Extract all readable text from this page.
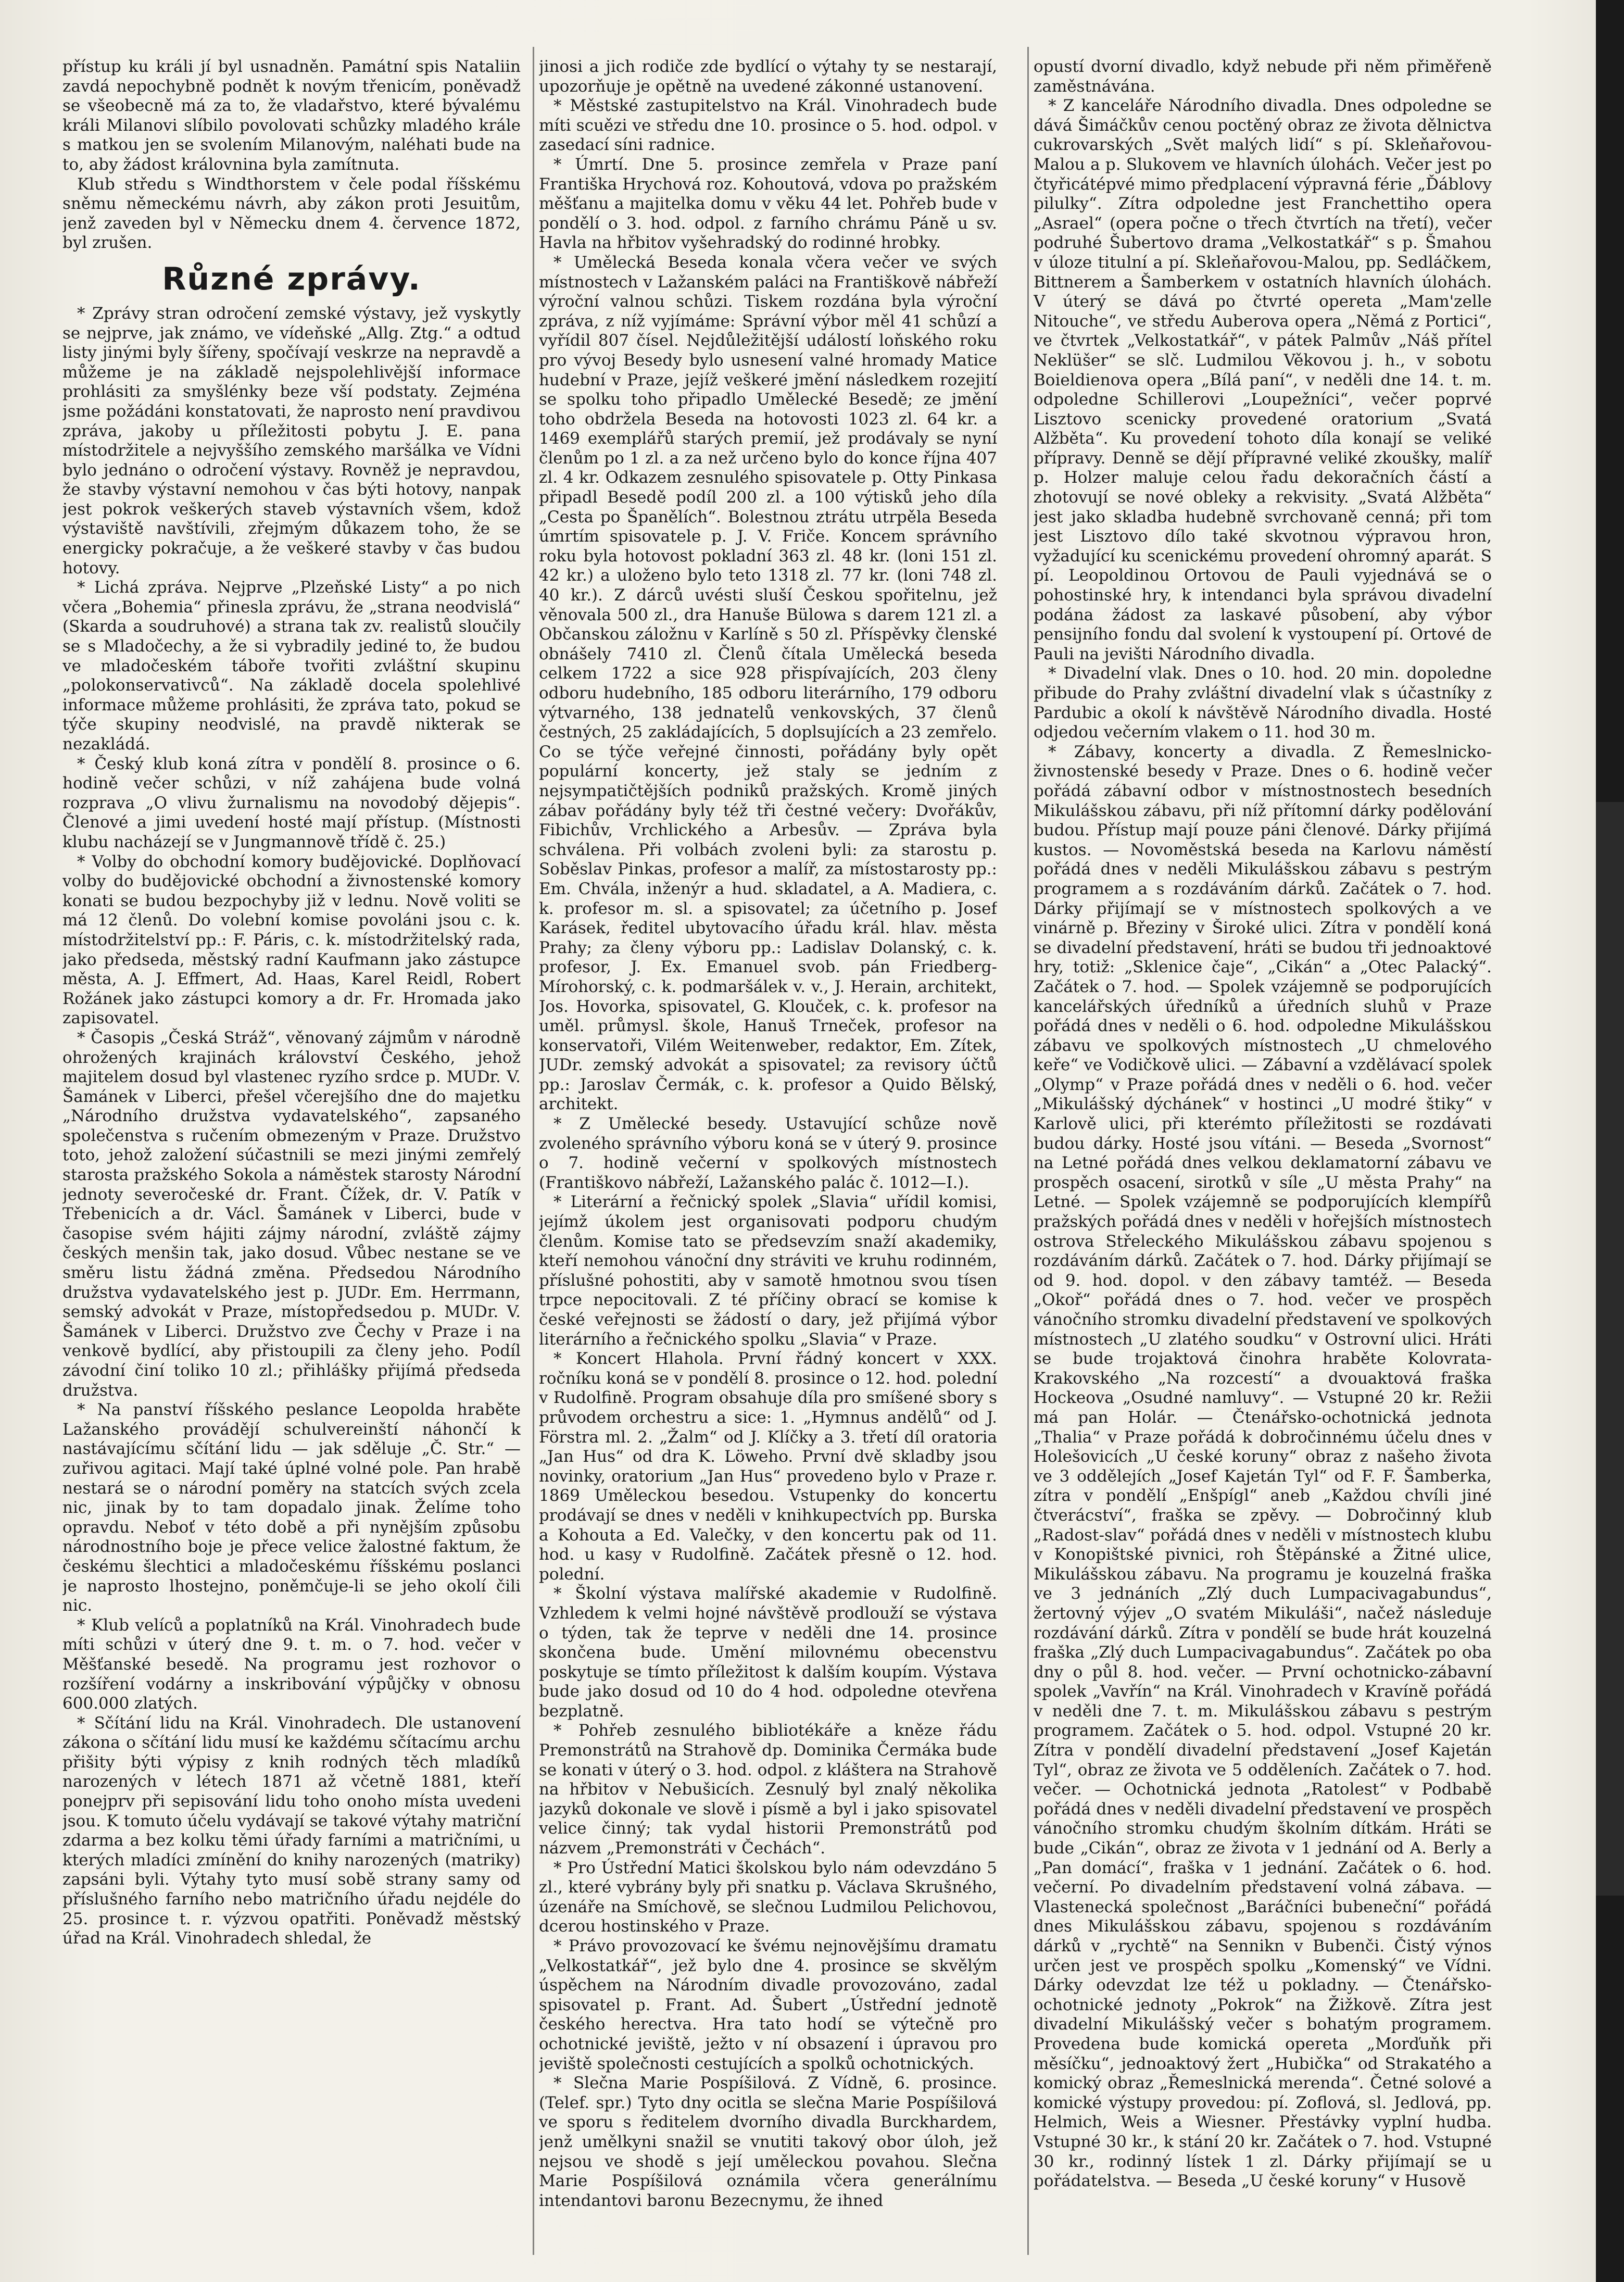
přístup ku králi jí byl usnadněn. Památní spis Nataliin zavdá nepochybně podnět k novým třenicím, poněvadž se všeobecně má za to, že vladařstvo, které bývalému králi Milanovi slíbilo povolovati schůzky mladého krále s matkou jen se svolením Milanovým, naléhati bude na to, aby žádost královnina byla zamítnuta.

Klub středu s Windthorstem v čele podal říšskému sněmu německému návrh, aby zákon proti Jesuitům, jenž zaveden byl v Německu dnem 4. července 1872, byl zrušen.

Různé zprávy.

* Zprávy stran odročení zemské výstavy, jež vyskytly se nejprve, jak známo, ve vídeňské „Allg. Ztg.“ a odtud listy jinými byly šířeny, spočívají veskrze na nepravdě a můžeme je na základě nejspolehlivější informace prohlásiti za smyšlénky beze vší podstaty. Zejména jsme požádáni konstatovati, že naprosto není pravdivou zpráva, jakoby u příležitosti pobytu J. E. pana místodržitele a nejvyššího zemského maršálka ve Vídni bylo jednáno o odročení výstavy. Rovněž je nepravdou, že stavby výstavní nemohou v čas býti hotovy, nanpak jest pokrok veškerých staveb výstavních všem, kdož výstaviště navštívili, zřejmým důkazem toho, že se energicky pokračuje, a že veškeré stavby v čas budou hotovy.

* Lichá zpráva. Nejprve „Plzeňské Listy“ a po nich včera „Bohemia“ přinesla zprávu, že „strana neodvislá“ (Skarda a soudruhové) a strana tak zv. realistů sloučily se s Mladočechy, a že si vybradily jediné to, že budou ve mladočeském táboře tvořiti zvláštní skupinu „polokonservativců“. Na základě docela spolehlivé informace můžeme prohlásiti, že zpráva tato, pokud se týče skupiny neodvislé, na pravdě nikterak se nezakládá.

* Český klub koná zítra v pondělí 8. prosince o 6. hodině večer schůzi, v níž zahájena bude volná rozprava „O vlivu žurnalismu na novodobý dějepis“. Členové a jimi uvedení hosté mají přístup. (Místnosti klubu nacházejí se v Jungmannově třídě č. 25.)

* Volby do obchodní komory budějovické. Doplňovací volby do budějovické obchodní a živnostenské komory konati se budou bezpochyby již v lednu. Nově voliti se má 12 členů. Do volební komise povoláni jsou c. k. místodržitelství pp.: F. Páris, c. k. místodržitelský rada, jako předseda, městský radní Kaufmann jako zástupce města, A. J. Effmert, Ad. Haas, Karel Reidl, Robert Rožánek jako zástupci komory a dr. Fr. Hromada jako zapisovatel.

* Časopis „Česká Stráž“, věnovaný zájmům v národně ohrožených krajinách království Českého, jehož majitelem dosud byl vlastenec ryzího srdce p. MUDr. V. Šamánek v Liberci, přešel včerejšího dne do majetku „Národního družstva vydavatelského“, zapsaného společenstva s ručením obmezeným v Praze. Družstvo toto, jehož založení súčastnili se mezi jinými zemřelý starosta pražského Sokola a náměstek starosty Národní jednoty severočeské dr. Frant. Čížek, dr. V. Patík v Třebenicích a dr. Václ. Šamánek v Liberci, bude v časopise svém hájiti zájmy národní, zvláště zájmy českých menšin tak, jako dosud. Vůbec nestane se ve směru listu žádná změna. Předsedou Národního družstva vydavatelského jest p. JUDr. Em. Herrmann, semský advokát v Praze, místopředsedou p. MUDr. V. Šamánek v Liberci. Družstvo zve Čechy v Praze i na venkově bydlící, aby přistoupili za členy jeho. Podíl závodní činí toliko 10 zl.; přihlášky přijímá předseda družstva.

* Na panství říšského peslance Leopolda hraběte Lažanského provádějí schulvereinští náhončí k nastávajícímu sčítání lidu — jak sděluje „Č. Str.“ — zuřivou agitaci. Mají také úplné volné pole. Pan hrabě nestará se o národní poměry na statcích svých zcela nic, jinak by to tam dopadalo jinak. Želíme toho opravdu. Neboť v této době a při nynějším způsobu národnostního boje je přece velice žalostné faktum, že českému šlechtici a mladočeskému říšskému poslanci je naprosto lhostejno, poněmčuje-li se jeho okolí čili nic.

* Klub velíců a poplatníků na Král. Vinohradech bude míti schůzi v úterý dne 9. t. m. o 7. hod. večer v Měšťanské besedě. Na programu jest rozhovor o rozšíření vodárny a inskribování výpůjčky v obnosu 600.000 zlatých.

* Sčítání lidu na Král. Vinohradech. Dle ustanovení zákona o sčítání lidu musí ke každému sčítacímu archu přišity býti výpisy z knih rodných těch mladíků narozených v létech 1871 až včetně 1881, kteří ponejprv při sepisování lidu toho onoho místa uvedeni jsou. K tomuto účelu vydávají se takové výtahy matriční zdarma a bez kolku těmi úřady farními a matričními, u kterých mladíci zmínění do knihy narozených (matriky) zapsáni byli. Výtahy tyto musí sobě strany samy od příslušného farního nebo matričního úřadu nejdéle do 25. prosince t. r. výzvou opatřiti. Poněvadž městský úřad na Král. Vinohradech shledal, že

jinosi a jich rodiče zde bydlící o výtahy ty se nestarají, upozorňuje je opětně na uvedené zákonné ustanovení.

* Městské zastupitelstvo na Král. Vinohradech bude míti scuězi ve středu dne 10. prosince o 5. hod. odpol. v zasedací síni radnice.

* Úmrtí. Dne 5. prosince zemřela v Praze paní Františka Hrychová roz. Kohoutová, vdova po pražském měšťanu a majitelka domu v věku 44 let. Pohřeb bude v pondělí o 3. hod. odpol. z farního chrámu Páně u sv. Havla na hřbitov vyšehradský do rodinné hrobky.

* Umělecká Beseda konala včera večer ve svých místnostech v Lažanském paláci na Františkově nábřeží výroční valnou schůzi. Tiskem rozdána byla výroční zpráva, z níž vyjímáme: Správní výbor měl 41 schůzí a vyřídil 807 čísel. Nejdůležitější událostí loňského roku pro vývoj Besedy bylo usnesení valné hromady Matice hudební v Praze, jejíž veškeré jmění následkem rozejití se spolku toho připadlo Umělecké Besedě; ze jmění toho obdržela Beseda na hotovosti 1023 zl. 64 kr. a 1469 exemplářů starých premií, jež prodávaly se nyní členům po 1 zl. a za než určeno bylo do konce října 407 zl. 4 kr. Odkazem zesnulého spisovatele p. Otty Pinkasa připadl Besedě podíl 200 zl. a 100 výtisků jeho díla „Cesta po Španělích“. Bolestnou ztrátu utrpěla Beseda úmrtím spisovatele p. J. V. Friče. Koncem správního roku byla hotovost pokladní 363 zl. 48 kr. (loni 151 zl. 42 kr.) a uloženo bylo teto 1318 zl. 77 kr. (loni 748 zl. 40 kr.). Z dárců uvésti sluší Českou spořitelnu, jež věnovala 500 zl., dra Hanuše Bülowa s darem 121 zl. a Občanskou záložnu v Karlíně s 50 zl. Příspěvky členské obnášely 7410 zl. Členů čítala Umělecká beseda celkem 1722 a sice 928 přispívajících, 203 členy odboru hudebního, 185 odboru literárního, 179 odboru výtvarného, 138 jednatelů venkovských, 37 členů čestných, 25 zakládajících, 5 doplsujících a 23 zemřelo. Co se týče veřejné činnosti, pořádány byly opět populární koncerty, jež staly se jedním z nejsympatičtějších podniků pražských. Kromě jiných zábav pořádány byly též tři čestné večery: Dvořákův, Fibichův, Vrchlického a Arbesův. — Zpráva byla schválena. Při volbách zvoleni byli: za starostu p. Soběslav Pinkas, profesor a malíř, za místostarosty pp.: Em. Chvála, inženýr a hud. skladatel, a A. Madiera, c. k. profesor m. sl. a spisovatel; za účetního p. Josef Karásek, ředitel ubytovacího úřadu král. hlav. města Prahy; za členy výboru pp.: Ladislav Dolanský, c. k. profesor, J. Ex. Emanuel svob. pán Friedberg-Mírohorský, c. k. podmaršálek v. v., J. Herain, architekt, Jos. Hovorka, spisovatel, G. Klouček, c. k. profesor na uměl. průmysl. škole, Hanuš Trneček, profesor na konservatoři, Vilém Weitenweber, redaktor, Em. Zítek, JUDr. zemský advokát a spisovatel; za revisory účtů pp.: Jaroslav Čermák, c. k. profesor a Quido Bělský, architekt.

* Z Umělecké besedy. Ustavující schůze nově zvoleného správního výboru koná se v úterý 9. prosince o 7. hodině večerní v spolkových místnostech (Františkovo nábřeží, Lažanského palác č. 1012—I.).

* Literární a řečnický spolek „Slavia“ uřídil komisi, jejímž úkolem jest organisovati podporu chudým členům. Komise tato se předsevzím snaží akademiky, kteří nemohou vánoční dny stráviti ve kruhu rodinném, příslušné pohostiti, aby v samotě hmotnou svou tísen trpce nepocitovali. Z té příčiny obrací se komise k české veřejnosti se žádostí o dary, jež přijímá výbor literárního a řečnického spolku „Slavia“ v Praze.

* Koncert Hlahola. První řádný koncert v XXX. ročníku koná se v pondělí 8. prosince o 12. hod. polední v Rudolfině. Program obsahuje díla pro smíšené sbory s průvodem orchestru a sice: 1. „Hymnus andělů“ od J. Förstra ml. 2. „Žalm“ od J. Klíčky a 3. třetí díl oratoria „Jan Hus“ od dra K. Löweho. První dvě skladby jsou novinky, oratorium „Jan Hus“ provedeno bylo v Praze r. 1869 Uměleckou besedou. Vstupenky do koncertu prodávají se dnes v neděli v knihkupectvích pp. Burska a Kohouta a Ed. Valečky, v den koncertu pak od 11. hod. u kasy v Rudolfině. Začátek přesně o 12. hod. polední.

* Školní výstava malířské akademie v Rudolfině. Vzhledem k velmi hojné návštěvě prodlouží se výstava o týden, tak že teprve v neděli dne 14. prosince skončena bude. Umění milovnému obecenstvu poskytuje se tímto příležitost k dalším koupím. Výstava bude jako dosud od 10 do 4 hod. odpoledne otevřena bezplatně.

* Pohřeb zesnulého bibliotékáře a kněze řádu Premonstrátů na Strahově dp. Dominika Čermáka bude se konati v úterý o 3. hod. odpol. z kláštera na Strahově na hřbitov v Nebušicích. Zesnulý byl znalý několika jazyků dokonale ve slově i písmě a byl i jako spisovatel velice činný; tak vydal historii Premonstrátů pod názvem „Premonstráti v Čechách“.

* Pro Ústřední Matici školskou bylo nám odevzdáno 5 zl., které vybrány byly při snatku p. Václava Skrušného, úzenáře na Smíchově, se slečnou Ludmilou Pelichovou, dcerou hostinského v Praze.

* Právo provozovací ke švému nejnovějšímu dramatu „Velkostatkář“, jež bylo dne 4. prosince se skvělým úspěchem na Národním divadle provozováno, zadal spisovatel p. Frant. Ad. Šubert „Ústřední jednotě českého herectva. Hra tato hodí se výtečně pro ochotnické jeviště, ježto v ní obsazení i úpravou pro jeviště společnosti cestujících a spolků ochotnických.

* Slečna Marie Pospíšilová. Z Vídně, 6. prosince. (Telef. spr.) Tyto dny ocitla se slečna Marie Pospíšilová ve sporu s ředitelem dvorního divadla Burckhardem, jenž umělkyni snažil se vnutiti takový obor úloh, jež nejsou ve shodě s její uměleckou povahou. Slečna Marie Pospíšilová oznámila včera generálnímu intendantovi baronu Bezecnymu, že ihned

opustí dvorní divadlo, když nebude při něm přiměřeně zaměstnávána.

* Z kanceláře Národního divadla. Dnes odpoledne se dává Šimáčkův cenou poctěný obraz ze života dělnictva cukrovarských „Svět malých lidí“ s pí. Skleňařovou-Malou a p. Slukovem ve hlavních úlohách. Večer jest po čtyřicátépvé mimo předplacení výpravná férie „Ďáblovy pilulky“. Zítra odpoledne jest Franchettiho opera „Asrael“ (opera počne o třech čtvrtích na třetí), večer podruhé Šubertovo drama „Velkostatkář“ s p. Šmahou v úloze titulní a pí. Skleňařovou-Malou, pp. Sedláčkem, Bittnerem a Šamberkem v ostatních hlavních úlohách. V úterý se dává po čtvrté opereta „Mam'zelle Nitouche“, ve středu Auberova opera „Němá z Portici“, ve čtvrtek „Velkostatkář“, v pátek Palmův „Náš přítel Neklüšer“ se slč. Ludmilou Věkovou j. h., v sobotu Boieldienova opera „Bílá paní“, v neděli dne 14. t. m. odpoledne Schillerovi „Loupežníci“, večer poprvé Lisztovo scenicky provedené oratorium „Svatá Alžběta“. Ku provedení tohoto díla konají se veliké přípravy. Denně se dějí přípravné veliké zkoušky, malíř p. Holzer maluje celou řadu dekoračních částí a zhotovují se nové obleky a rekvisity. „Svatá Alžběta“ jest jako skladba hudebně svrchovaně cenná; při tom jest Lisztovo dílo také skvotnou výpravou hron, vyžadující ku scenickému provedení ohromný aparát. S pí. Leopoldinou Ortovou de Pauli vyjednává se o pohostinské hry, k intendanci byla správou divadelní podána žádost za laskavé působení, aby výbor pensijního fondu dal svolení k vystoupení pí. Ortové de Pauli na jevišti Národního divadla.

* Divadelní vlak. Dnes o 10. hod. 20 min. dopoledne přibude do Prahy zvláštní divadelní vlak s účastníky z Pardubic a okolí k návštěvě Národního divadla. Hosté odjedou večerním vlakem o 11. hod 30 m.

* Zábavy, koncerty a divadla. Z Řemeslnicko-živnostenské besedy v Praze. Dnes o 6. hodině večer pořádá zábavní odbor v místnostnostech besedních Mikulášskou zábavu, při níž přítomní dárky podělování budou. Přístup mají pouze páni členové. Dárky přijímá kustos. — Novoměstská beseda na Karlovu náměstí pořádá dnes v neděli Mikulášskou zábavu s pestrým programem a s rozdáváním dárků. Začátek o 7. hod. Dárky přijímají se v místnostech spolkových a ve vinárně p. Březiny v Široké ulici. Zítra v pondělí koná se divadelní představení, hráti se budou tři jednoaktové hry, totiž: „Sklenice čaje“, „Cikán“ a „Otec Palacký“. Začátek o 7. hod. — Spolek vzájemně se podporujících kancelářských úředníků a úředních sluhů v Praze pořádá dnes v neděli o 6. hod. odpoledne Mikulášskou zábavu ve spolkových místnostech „U chmelového keře“ ve Vodičkově ulici. — Zábavní a vzdělávací spolek „Olymp“ v Praze pořádá dnes v neděli o 6. hod. večer „Mikulášský dýchánek“ v hostinci „U modré štiky“ v Karlově ulici, při kterémto příležitosti se rozdávati budou dárky. Hosté jsou vítáni. — Beseda „Svornost“ na Letné pořádá dnes velkou deklamatorní zábavu ve prospěch osacení, sirotků v síle „U města Prahy“ na Letné. — Spolek vzájemně se podporujících klempířů pražských pořádá dnes v neděli v hořejších místnostech ostrova Střeleckého Mikulášskou zábavu spojenou s rozdáváním dárků. Začátek o 7. hod. Dárky přijímají se od 9. hod. dopol. v den zábavy tamtéž. — Beseda „Okoř“ pořádá dnes o 7. hod. večer ve prospěch vánočního stromku divadelní představení ve spolkových místnostech „U zlatého soudku“ v Ostrovní ulici. Hráti se bude trojaktová činohra hraběte Kolovrata-Krakovského „Na rozcestí“ a dvouaktová fraška Hockeova „Osudné namluvy“. — Vstupné 20 kr. Režii má pan Holár. — Čtenářsko-ochotnická jednota „Thalia“ v Praze pořádá k dobročinnému účelu dnes v Holešovicích „U české koruny“ obraz z našeho života ve 3 oddělejích „Josef Kajetán Tyl“ od F. F. Šamberka, zítra v pondělí „Enšpígl“ aneb „Každou chvíli jiné čtverácství“, fraška se zpěvy. — Dobročinný klub „Radost-slav“ pořádá dnes v neděli v místnostech klubu v Konopištské pivnici, roh Štěpánské a Žitné ulice, Mikulášskou zábavu. Na programu je kouzelná fraška ve 3 jednáních „Zlý duch Lumpacivagabundus“, žertovný výjev „O svatém Mikuláši“, načež následuje rozdávání dárků. Zítra v pondělí se bude hrát kouzelná fraška „Zlý duch Lumpacivagabundus“. Začátek po oba dny o půl 8. hod. večer. — První ochotnicko-zábavní spolek „Vavřín“ na Král. Vinohradech v Kravíně pořádá v neděli dne 7. t. m. Mikulášskou zábavu s pestrým programem. Začátek o 5. hod. odpol. Vstupné 20 kr. Zítra v pondělí divadelní představení „Josef Kajetán Tyl“, obraz ze života ve 5 odděleních. Začátek o 7. hod. večer. — Ochotnická jednota „Ratolest“ v Podbabě pořádá dnes v neděli divadelní představení ve prospěch vánočního stromku chudým školním dítkám. Hráti se bude „Cikán“, obraz ze života v 1 jednání od A. Berly a „Pan domácí“, fraška v 1 jednání. Začátek o 6. hod. večerní. Po divadelním představení volná zábava. — Vlastenecká společnost „Baráčníci bubeneční“ pořádá dnes Mikulášskou zábavu, spojenou s rozdáváním dárků v „rychtě“ na Sennikn v Bubenči. Čistý výnos určen jest ve prospěch spolku „Komenský“ ve Vídni. Dárky odevzdat lze též u pokladny. — Čtenářsko-ochotnické jednoty „Pokrok“ na Žižkově. Zítra jest divadelní Mikulášský večer s bohatým programem. Provedena bude komická opereta „Morďuňk při měsíčku“, jednoaktový žert „Hubička“ od Strakatého a komický obraz „Řemeslnická merenda“. Četné solové a komické výstupy provedou: pí. Zoflová, sl. Jedlová, pp. Helmich, Weis a Wiesner. Přestávky vyplní hudba. Vstupné 30 kr., k stání 20 kr. Začátek o 7. hod. Vstupné 30 kr., rodinný lístek 1 zl. Dárky přijímají se u pořádatelstva. — Beseda „U české koruny“ v Husově
